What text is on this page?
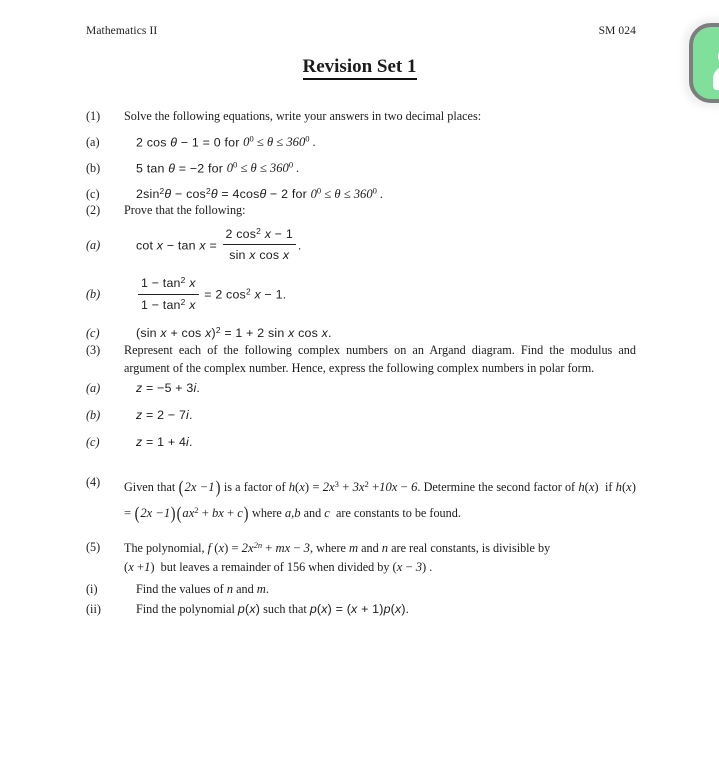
Mathematics II	SM 024
Revision Set 1
(1)	Solve the following equations, write your answers in two decimal places:
(a)	2 cos θ − 1 = 0 for $0^0 \le \theta \le 360^0$ .
(b)	5 tan θ = −2 for $0^0 \le \theta \le 360^0$ .
(c)	$2\sin^2\theta - \cos^2\theta = 4\cos\theta - 2$ for $0^0 \le \theta \le 360^0$ .
(2)	Prove that the following:
(a)	$\cot x - \tan x = \frac{2 \cos^2 x - 1}{\text{sin x cos x}}$ .
(b)	$\frac{1 - \tan^2 x}{1 - \tan^2 x} = 2$ $\cos^2 x - 1$.
(c)	(sin x + cos x)$^2$ = 1 + 2 sin x cos x.
(3)	Represent each of the following complex numbers on an Argand diagram. Find the modulus and argument of the complex number. Hence, express the following complex numbers in polar form.
(a)	z = −5 + 3i.
(b)	z = 2 − 7i.
(c)	z = 1 + 4i.
(4)	Given that (2x −1) is a factor of $h(x) = 2x^3 + 3x^2 +10x - 6$. Determine the second factor of h(x)  if $h(x) = (2x -1)(ax^2$ + bx + c) where a,b and c  are constants to be found.
(5)	The polynomial, f $(x) = 2x^{2n}$ + mx − 3, where m and n are real constants, is divisible by
(x +1)  but leaves a remainder of 156 when divided by (x − 3) .
(i)	Find the values of n and m.
(ii)	Find the polynomial p(x) such that p(x) = (x + 1)p(x).
